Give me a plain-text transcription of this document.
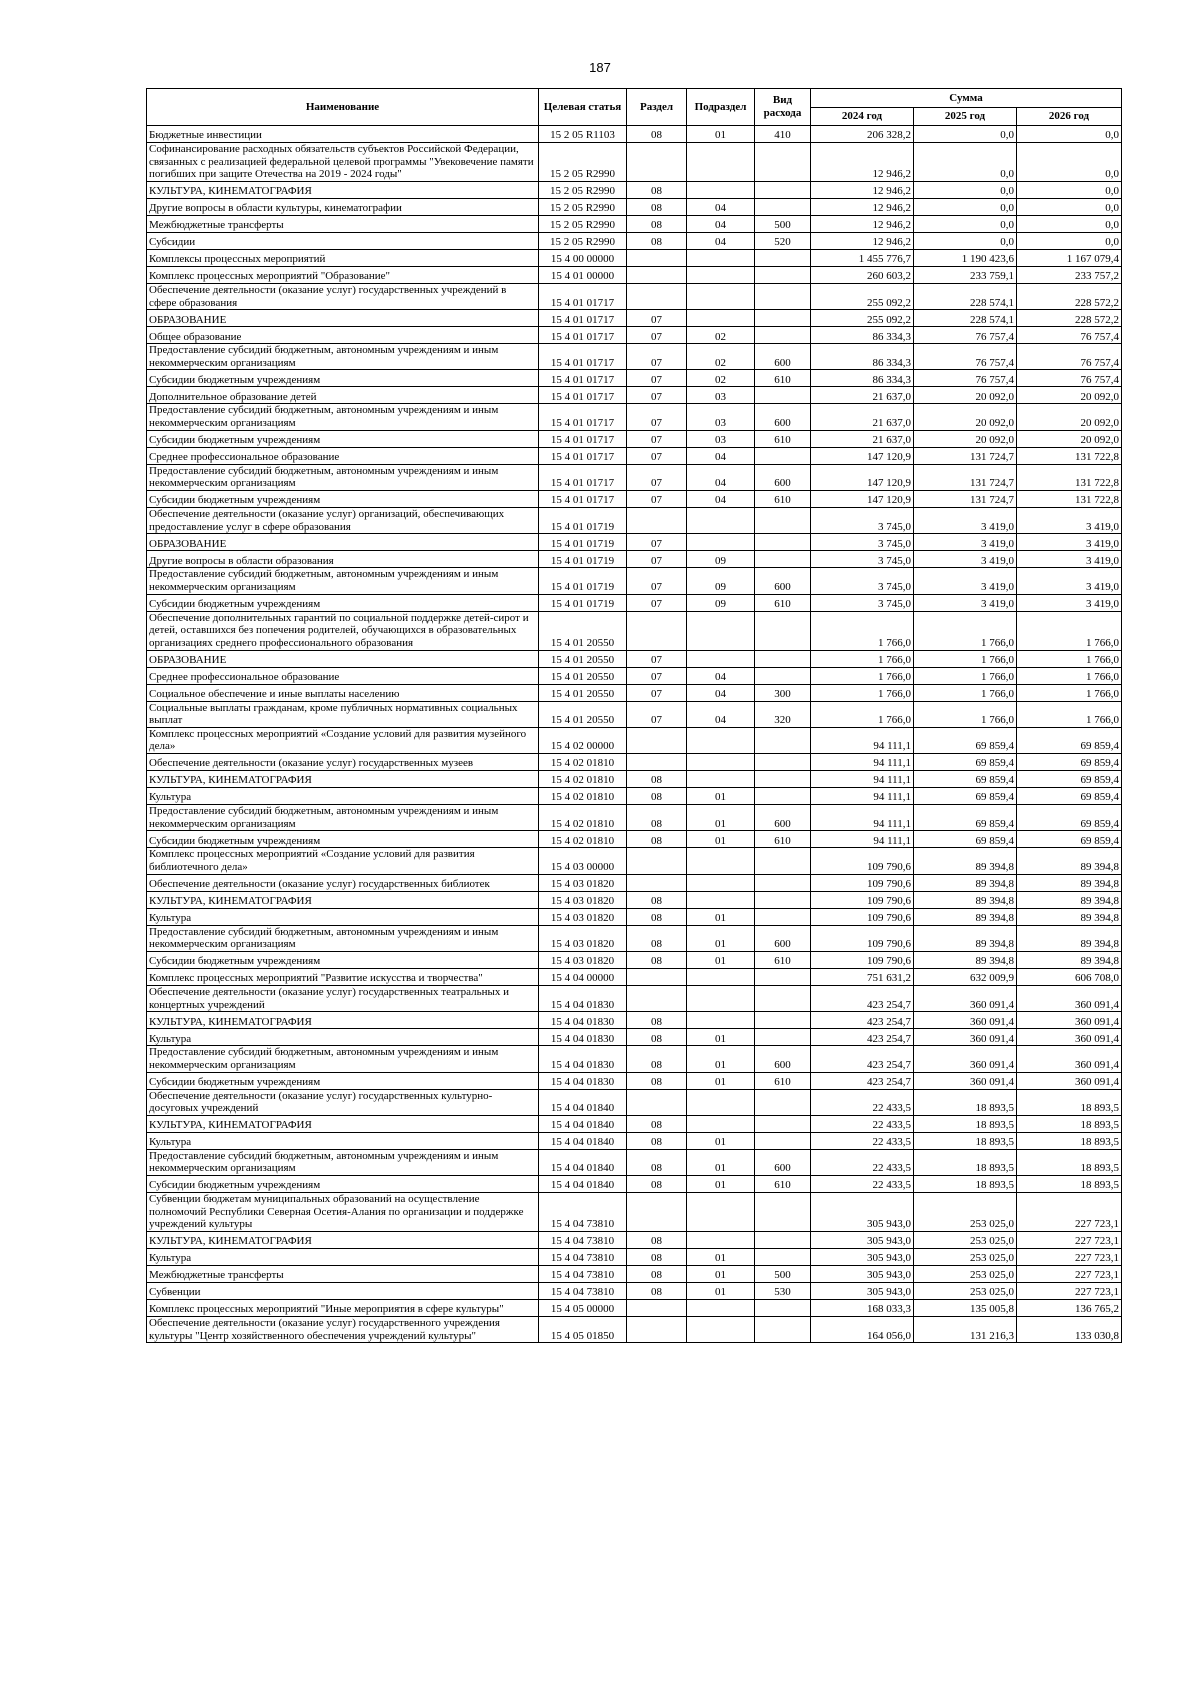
187
Наименование	Целевая статья	Раздел	Подраздел	Вид расхода	Сумма		
					2024 год	2025 год	2026 год
Бюджетные инвестиции	15 2 05 R1103	08	01	410	206 328,2	0,0	0,0
Софинансирование расходных обязательств субъектов Российской Федерации, связанных с реализацией федеральной целевой программы "Увековечение памяти погибших при защите Отечества на 2019 - 2024 годы"	15 2 05 R2990				12 946,2	0,0	0,0
КУЛЬТУРА, КИНЕМАТОГРАФИЯ	15 2 05 R2990	08			12 946,2	0,0	0,0
Другие вопросы в области культуры, кинематографии	15 2 05 R2990	08	04		12 946,2	0,0	0,0
Межбюджетные трансферты	15 2 05 R2990	08	04	500	12 946,2	0,0	0,0
Субсидии	15 2 05 R2990	08	04	520	12 946,2	0,0	0,0
Комплексы процессных мероприятий	15 4 00 00000				1 455 776,7	1 190 423,6	1 167 079,4
Комплекс процессных мероприятий "Образование"	15 4 01 00000				260 603,2	233 759,1	233 757,2
Обеспечение деятельности (оказание услуг) государственных учреждений в сфере образования	15 4 01 01717				255 092,2	228 574,1	228 572,2
ОБРАЗОВАНИЕ	15 4 01 01717	07			255 092,2	228 574,1	228 572,2
Общее образование	15 4 01 01717	07	02		86 334,3	76 757,4	76 757,4
Предоставление субсидий бюджетным, автономным учреждениям и иным некоммерческим организациям	15 4 01 01717	07	02	600	86 334,3	76 757,4	76 757,4
Субсидии бюджетным учреждениям	15 4 01 01717	07	02	610	86 334,3	76 757,4	76 757,4
Дополнительное образование детей	15 4 01 01717	07	03		21 637,0	20 092,0	20 092,0
Предоставление субсидий бюджетным, автономным учреждениям и иным некоммерческим организациям	15 4 01 01717	07	03	600	21 637,0	20 092,0	20 092,0
Субсидии бюджетным учреждениям	15 4 01 01717	07	03	610	21 637,0	20 092,0	20 092,0
Среднее профессиональное образование	15 4 01 01717	07	04		147 120,9	131 724,7	131 722,8
Предоставление субсидий бюджетным, автономным учреждениям и иным некоммерческим организациям	15 4 01 01717	07	04	600	147 120,9	131 724,7	131 722,8
Субсидии бюджетным учреждениям	15 4 01 01717	07	04	610	147 120,9	131 724,7	131 722,8
Обеспечение деятельности (оказание услуг) организаций, обеспечивающих предоставление услуг в сфере образования	15 4 01 01719				3 745,0	3 419,0	3 419,0
ОБРАЗОВАНИЕ	15 4 01 01719	07			3 745,0	3 419,0	3 419,0
Другие вопросы в области образования	15 4 01 01719	07	09		3 745,0	3 419,0	3 419,0
Предоставление субсидий бюджетным, автономным учреждениям и иным некоммерческим организациям	15 4 01 01719	07	09	600	3 745,0	3 419,0	3 419,0
Субсидии бюджетным учреждениям	15 4 01 01719	07	09	610	3 745,0	3 419,0	3 419,0
Обеспечение дополнительных гарантий по социальной поддержке детей-сирот и детей, оставшихся без попечения родителей, обучающихся в образовательных организациях среднего профессионального образования	15 4 01 20550				1 766,0	1 766,0	1 766,0
ОБРАЗОВАНИЕ	15 4 01 20550	07			1 766,0	1 766,0	1 766,0
Среднее профессиональное образование	15 4 01 20550	07	04		1 766,0	1 766,0	1 766,0
Социальное обеспечение и иные выплаты населению	15 4 01 20550	07	04	300	1 766,0	1 766,0	1 766,0
Социальные выплаты гражданам, кроме публичных нормативных социальных выплат	15 4 01 20550	07	04	320	1 766,0	1 766,0	1 766,0
Комплекс процессных мероприятий «Создание условий для развития музейного дела»	15 4 02 00000				94 111,1	69 859,4	69 859,4
Обеспечение деятельности (оказание услуг) государственных музеев	15 4 02 01810				94 111,1	69 859,4	69 859,4
КУЛЬТУРА, КИНЕМАТОГРАФИЯ	15 4 02 01810	08			94 111,1	69 859,4	69 859,4
Культура	15 4 02 01810	08	01		94 111,1	69 859,4	69 859,4
Предоставление субсидий бюджетным, автономным учреждениям и иным некоммерческим организациям	15 4 02 01810	08	01	600	94 111,1	69 859,4	69 859,4
Субсидии бюджетным учреждениям	15 4 02 01810	08	01	610	94 111,1	69 859,4	69 859,4
Комплекс процессных мероприятий «Создание условий для развития библиотечного дела»	15 4 03 00000				109 790,6	89 394,8	89 394,8
Обеспечение деятельности (оказание услуг) государственных библиотек	15 4 03 01820				109 790,6	89 394,8	89 394,8
КУЛЬТУРА, КИНЕМАТОГРАФИЯ	15 4 03 01820	08			109 790,6	89 394,8	89 394,8
Культура	15 4 03 01820	08	01		109 790,6	89 394,8	89 394,8
Предоставление субсидий бюджетным, автономным учреждениям и иным некоммерческим организациям	15 4 03 01820	08	01	600	109 790,6	89 394,8	89 394,8
Субсидии бюджетным учреждениям	15 4 03 01820	08	01	610	109 790,6	89 394,8	89 394,8
Комплекс процессных мероприятий "Развитие искусства и творчества"	15 4 04 00000				751 631,2	632 009,9	606 708,0
Обеспечение деятельности (оказание услуг) государственных театральных и концертных учреждений	15 4 04 01830				423 254,7	360 091,4	360 091,4
КУЛЬТУРА, КИНЕМАТОГРАФИЯ	15 4 04 01830	08			423 254,7	360 091,4	360 091,4
Культура	15 4 04 01830	08	01		423 254,7	360 091,4	360 091,4
Предоставление субсидий бюджетным, автономным учреждениям и иным некоммерческим организациям	15 4 04 01830	08	01	600	423 254,7	360 091,4	360 091,4
Субсидии бюджетным учреждениям	15 4 04 01830	08	01	610	423 254,7	360 091,4	360 091,4
Обеспечение деятельности (оказание услуг) государственных культурно-досуговых учреждений	15 4 04 01840				22 433,5	18 893,5	18 893,5
КУЛЬТУРА, КИНЕМАТОГРАФИЯ	15 4 04 01840	08			22 433,5	18 893,5	18 893,5
Культура	15 4 04 01840	08	01		22 433,5	18 893,5	18 893,5
Предоставление субсидий бюджетным, автономным учреждениям и иным некоммерческим организациям	15 4 04 01840	08	01	600	22 433,5	18 893,5	18 893,5
Субсидии бюджетным учреждениям	15 4 04 01840	08	01	610	22 433,5	18 893,5	18 893,5
Субвенции бюджетам муниципальных образований на осуществление полномочий Республики Северная Осетия-Алания по организации и поддержке учреждений культуры	15 4 04 73810				305 943,0	253 025,0	227 723,1
КУЛЬТУРА, КИНЕМАТОГРАФИЯ	15 4 04 73810	08			305 943,0	253 025,0	227 723,1
Культура	15 4 04 73810	08	01		305 943,0	253 025,0	227 723,1
Межбюджетные трансферты	15 4 04 73810	08	01	500	305 943,0	253 025,0	227 723,1
Субвенции	15 4 04 73810	08	01	530	305 943,0	253 025,0	227 723,1
Комплекс процессных мероприятий "Иные мероприятия в сфере культуры"	15 4 05 00000				168 033,3	135 005,8	136 765,2
Обеспечение деятельности (оказание услуг) государственного учреждения культуры "Центр хозяйственного обеспечения учреждений культуры"	15 4 05 01850				164 056,0	131 216,3	133 030,8
